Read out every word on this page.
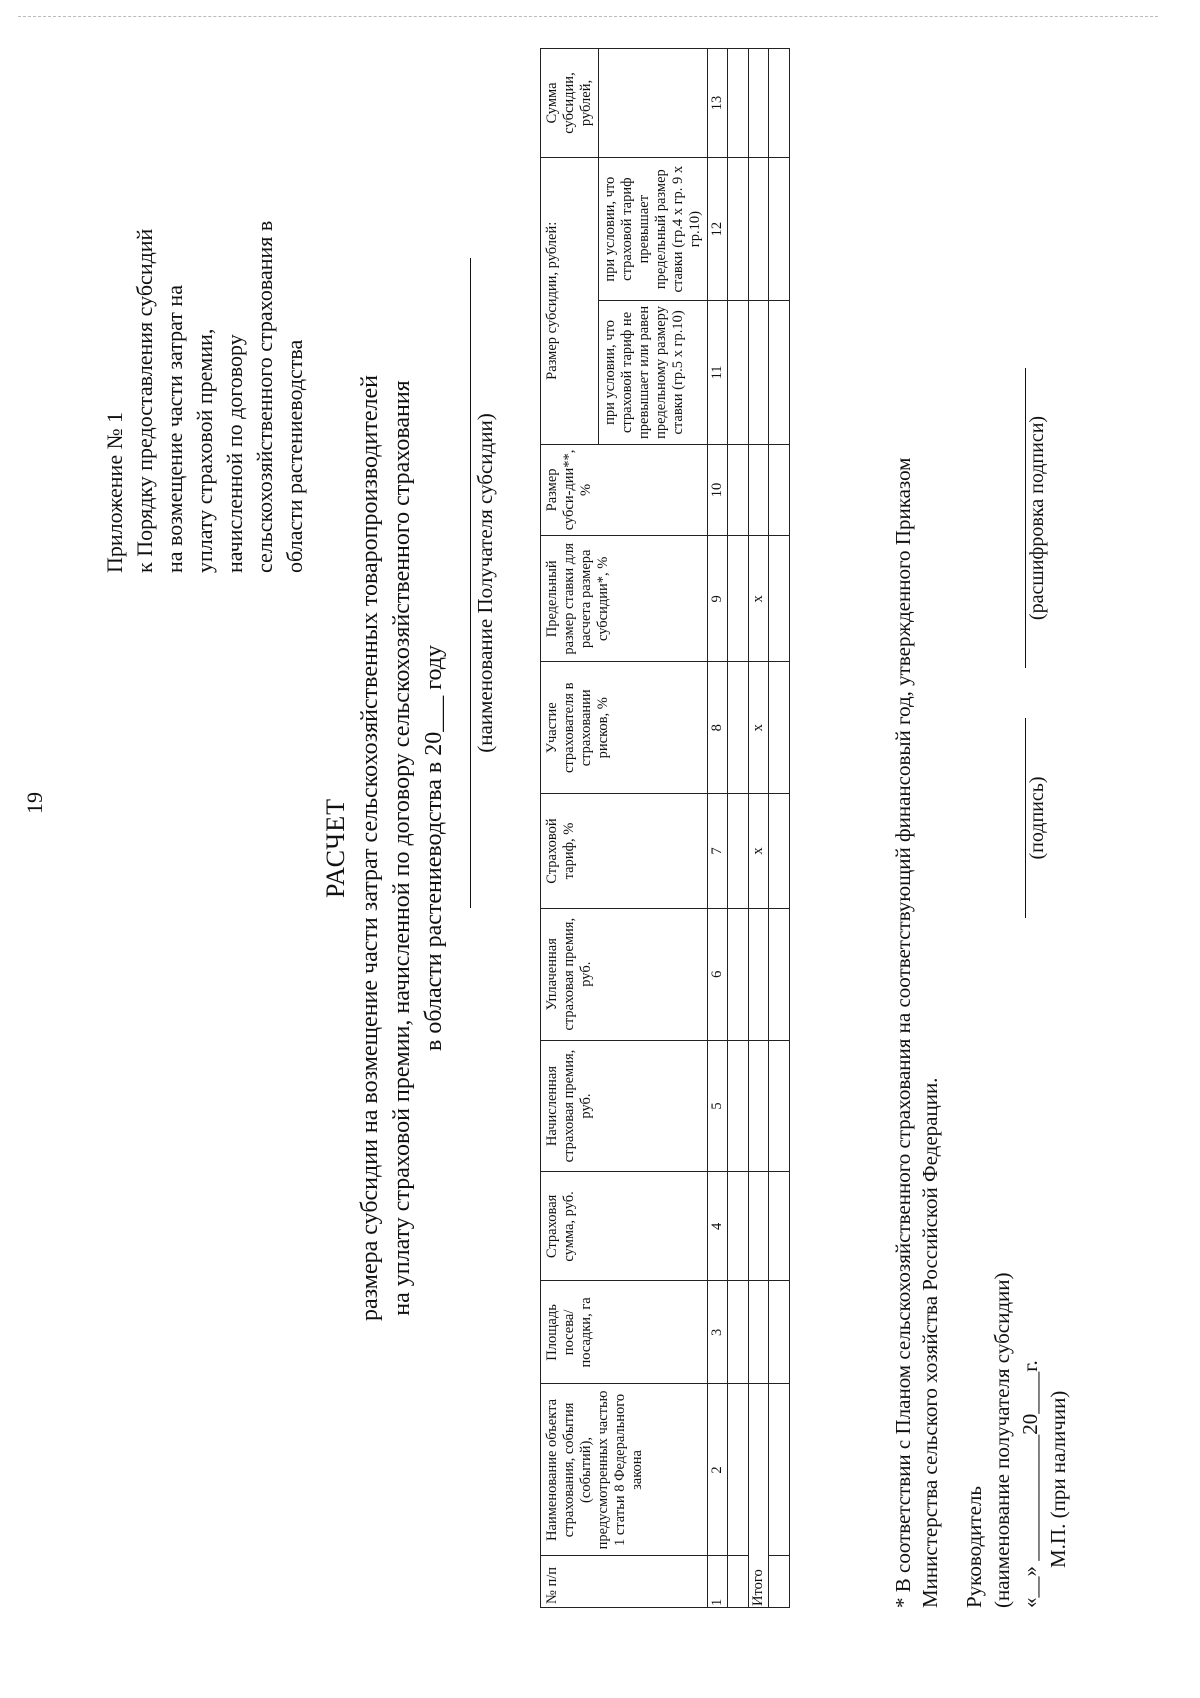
19
Приложение № 1 к Порядку предоставления субсидий на возмещение части затрат на уплату страховой премии, начисленной по договору сельскохозяйственного страхования в области растениеводства
РАСЧЕТ размера субсидии на возмещение части затрат сельскохозяйственных товаропроизводителей на уплату страховой премии, начисленной по договору сельскохозяйственного страхования в области растениеводства в 20___ году
(наименование Получателя субсидии)
№ п/п	Наименование объекта страхования, события (событий), предусмотренных частью 1 статьи 8 Федерального закона	Площадь посева/ посадки, га	Страховая сумма, руб.	Начисленная страховая премия, руб.	Уплаченная страховая премия, руб.	Страховой тариф, %	Участие страхователя в страховании рисков, %	Предельный размер ставки для расчета размера субсидии*, %	Размер субси-дии**, %	Размер субсидии, рублей:		Сумма субсидии, рублей,
										при условии, что страховой тариф не превышает или равен предельному размеру ставки (гр.5 х гр.10)	при условии, что страховой тариф превышает предельный размер ставки (гр.4 х гр. 9 х гр.10)	
1	2	3	4	5	6	7	8	9	10	11	12	13

Итого						х	х	х				
													* В соответствии с Планом сельскохозяйственного страхования на соответствующий финансовый год, утвержденного Приказом Министерства сельского хозяйства Российской Федерации. Руководитель (наименование получателя субсидии) «__» ____________20____г. М.П. (при наличии)
(подпись)
(расшифровка подписи)
